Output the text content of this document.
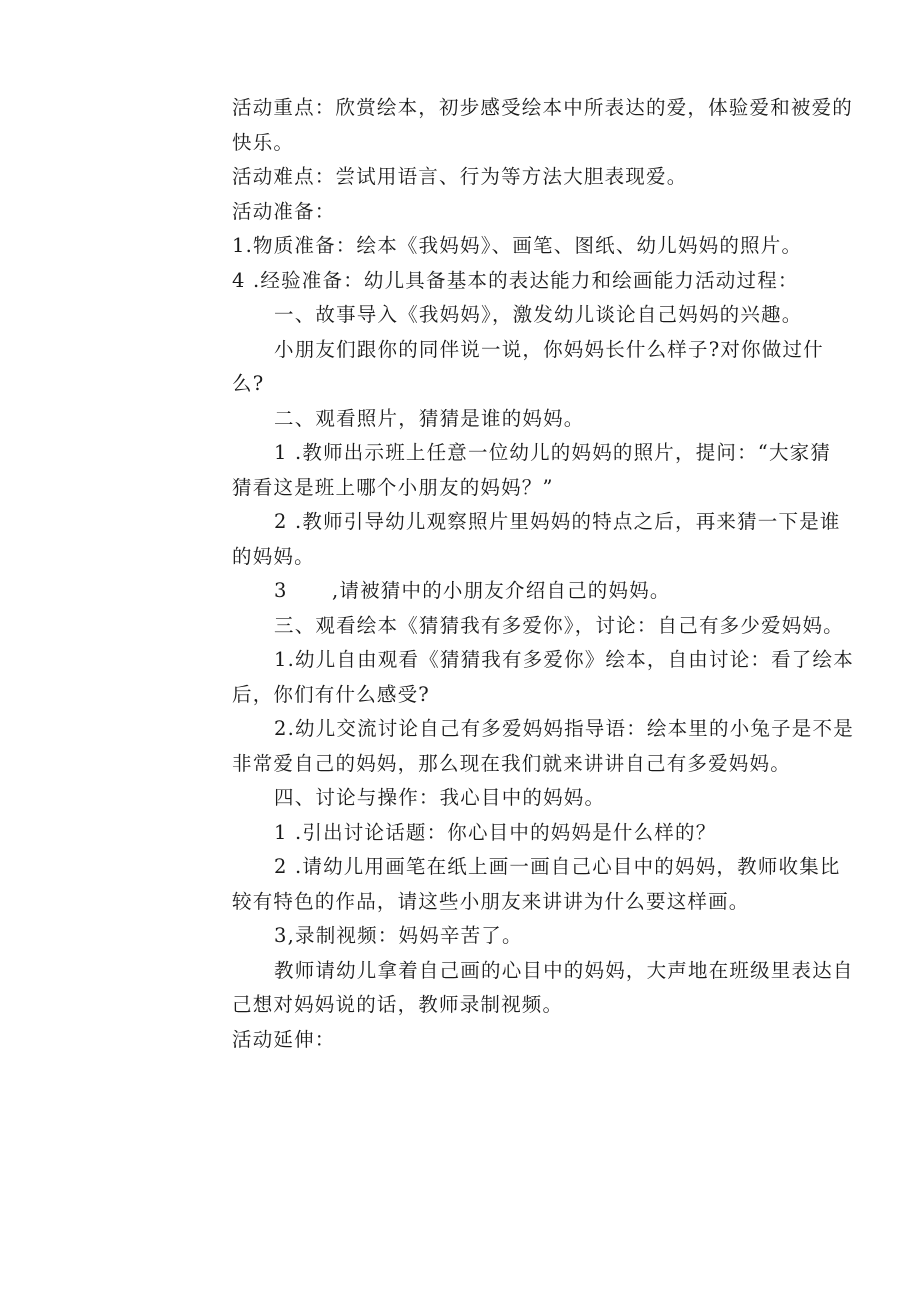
活动重点：欣赏绘本，初步感受绘本中所表达的爱，体验爱和被爱的
快乐。
活动难点：尝试用语言、行为等方法大胆表现爱。
活动准备：
1.物质准备：绘本《我妈妈》、画笔、图纸、幼儿妈妈的照片。
4 .经验准备：幼儿具备基本的表达能力和绘画能力活动过程：
一、故事导入《我妈妈》，激发幼儿谈论自己妈妈的兴趣。
小朋友们跟你的同伴说一说，你妈妈长什么样子?对你做过什
么?
二、观看照片，猜猜是谁的妈妈。
1 .教师出示班上任意一位幼儿的妈妈的照片，提问：“大家猜
猜看这是班上哪个小朋友的妈妈？”
2 .教师引导幼儿观察照片里妈妈的特点之后，再来猜一下是谁
的妈妈。
3      ,请被猜中的小朋友介绍自己的妈妈。
三、观看绘本《猜猜我有多爱你》，讨论：自己有多少爱妈妈。
1.幼儿自由观看《猜猜我有多爱你》绘本，自由讨论：看了绘本
后，你们有什么感受?
2.幼儿交流讨论自己有多爱妈妈指导语：绘本里的小兔子是不是
非常爱自己的妈妈，那么现在我们就来讲讲自己有多爱妈妈。
四、讨论与操作：我心目中的妈妈。
1 .引出讨论话题：你心目中的妈妈是什么样的？
2 .请幼儿用画笔在纸上画一画自己心目中的妈妈，教师收集比
较有特色的作品，请这些小朋友来讲讲为什么要这样画。
3,录制视频：妈妈辛苦了。
教师请幼儿拿着自己画的心目中的妈妈，大声地在班级里表达自
己想对妈妈说的话，教师录制视频。
活动延伸：
